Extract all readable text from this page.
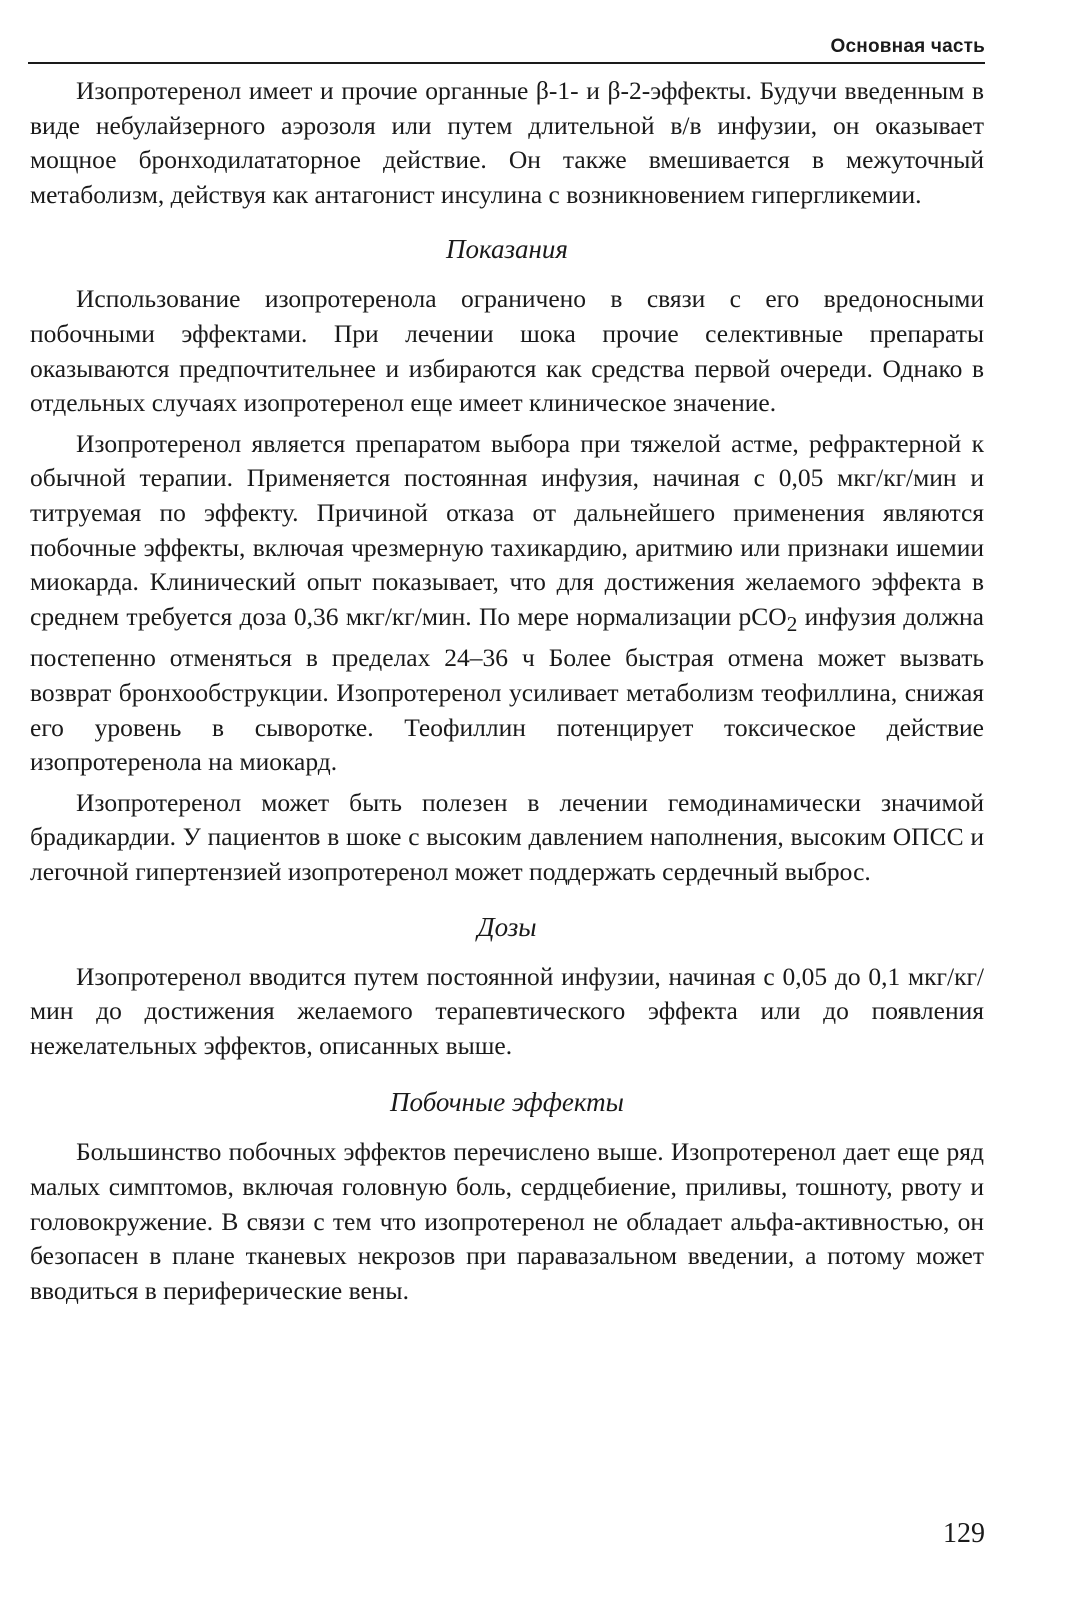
Основная часть

Изопротеренол имеет и прочие органные β-1- и β-2-эффекты. Будучи введенным в виде небулайзерного аэрозоля или путем длительной в/в инфузии, он оказывает мощное бронходилататорное действие. Он также вмешивается в межуточный метаболизм, действуя как антагонист инсулина с возникновением гипергликемии.

Показания

Использование изопротеренола ограничено в связи с его вредоносными побочными эффектами. При лечении шока прочие селективные препараты оказываются предпочтительнее и избираются как средства первой очереди. Однако в отдельных случаях изопротеренол еще имеет клиническое значение.

Изопротеренол является препаратом выбора при тяжелой астме, рефрактерной к обычной терапии. Применяется постоянная инфузия, начиная с 0,05 мкг/кг/мин и титруемая по эффекту. Причиной отказа от дальнейшего применения являются побочные эффекты, включая чрезмерную тахикардию, аритмию или признаки ишемии миокарда. Клинический опыт показывает, что для достижения желаемого эффекта в среднем требуется доза 0,36 мкг/кг/мин. По мере нормализации pCO$_2$ инфузия должна постепенно отменяться в пределах 24–36 ч Более быстрая отмена может вызвать возврат бронхообструкции. Изопротеренол усиливает метаболизм теофиллина, снижая его уровень в сыворотке. Теофиллин потенцирует токсическое действие изопротеренола на миокард.

Изопротеренол может быть полезен в лечении гемодинамически значимой брадикардии. У пациентов в шоке с высоким давлением наполнения, высоким ОПСС и легочной гипертензией изопротеренол может поддержать сердечный выброс.

Дозы

Изопротеренол вводится путем постоянной инфузии, начиная с 0,05 до 0,1 мкг/кг/мин до достижения желаемого терапевтического эффекта или до появления нежелательных эффектов, описанных выше.

Побочные эффекты

Большинство побочных эффектов перечислено выше. Изопротеренол дает еще ряд малых симптомов, включая головную боль, сердцебиение, приливы, тошноту, рвоту и головокружение. В связи с тем что изопротеренол не обладает альфа-активностью, он безопасен в плане тканевых некрозов при паравазальном введении, а потому может вводиться в периферические вены.

129
